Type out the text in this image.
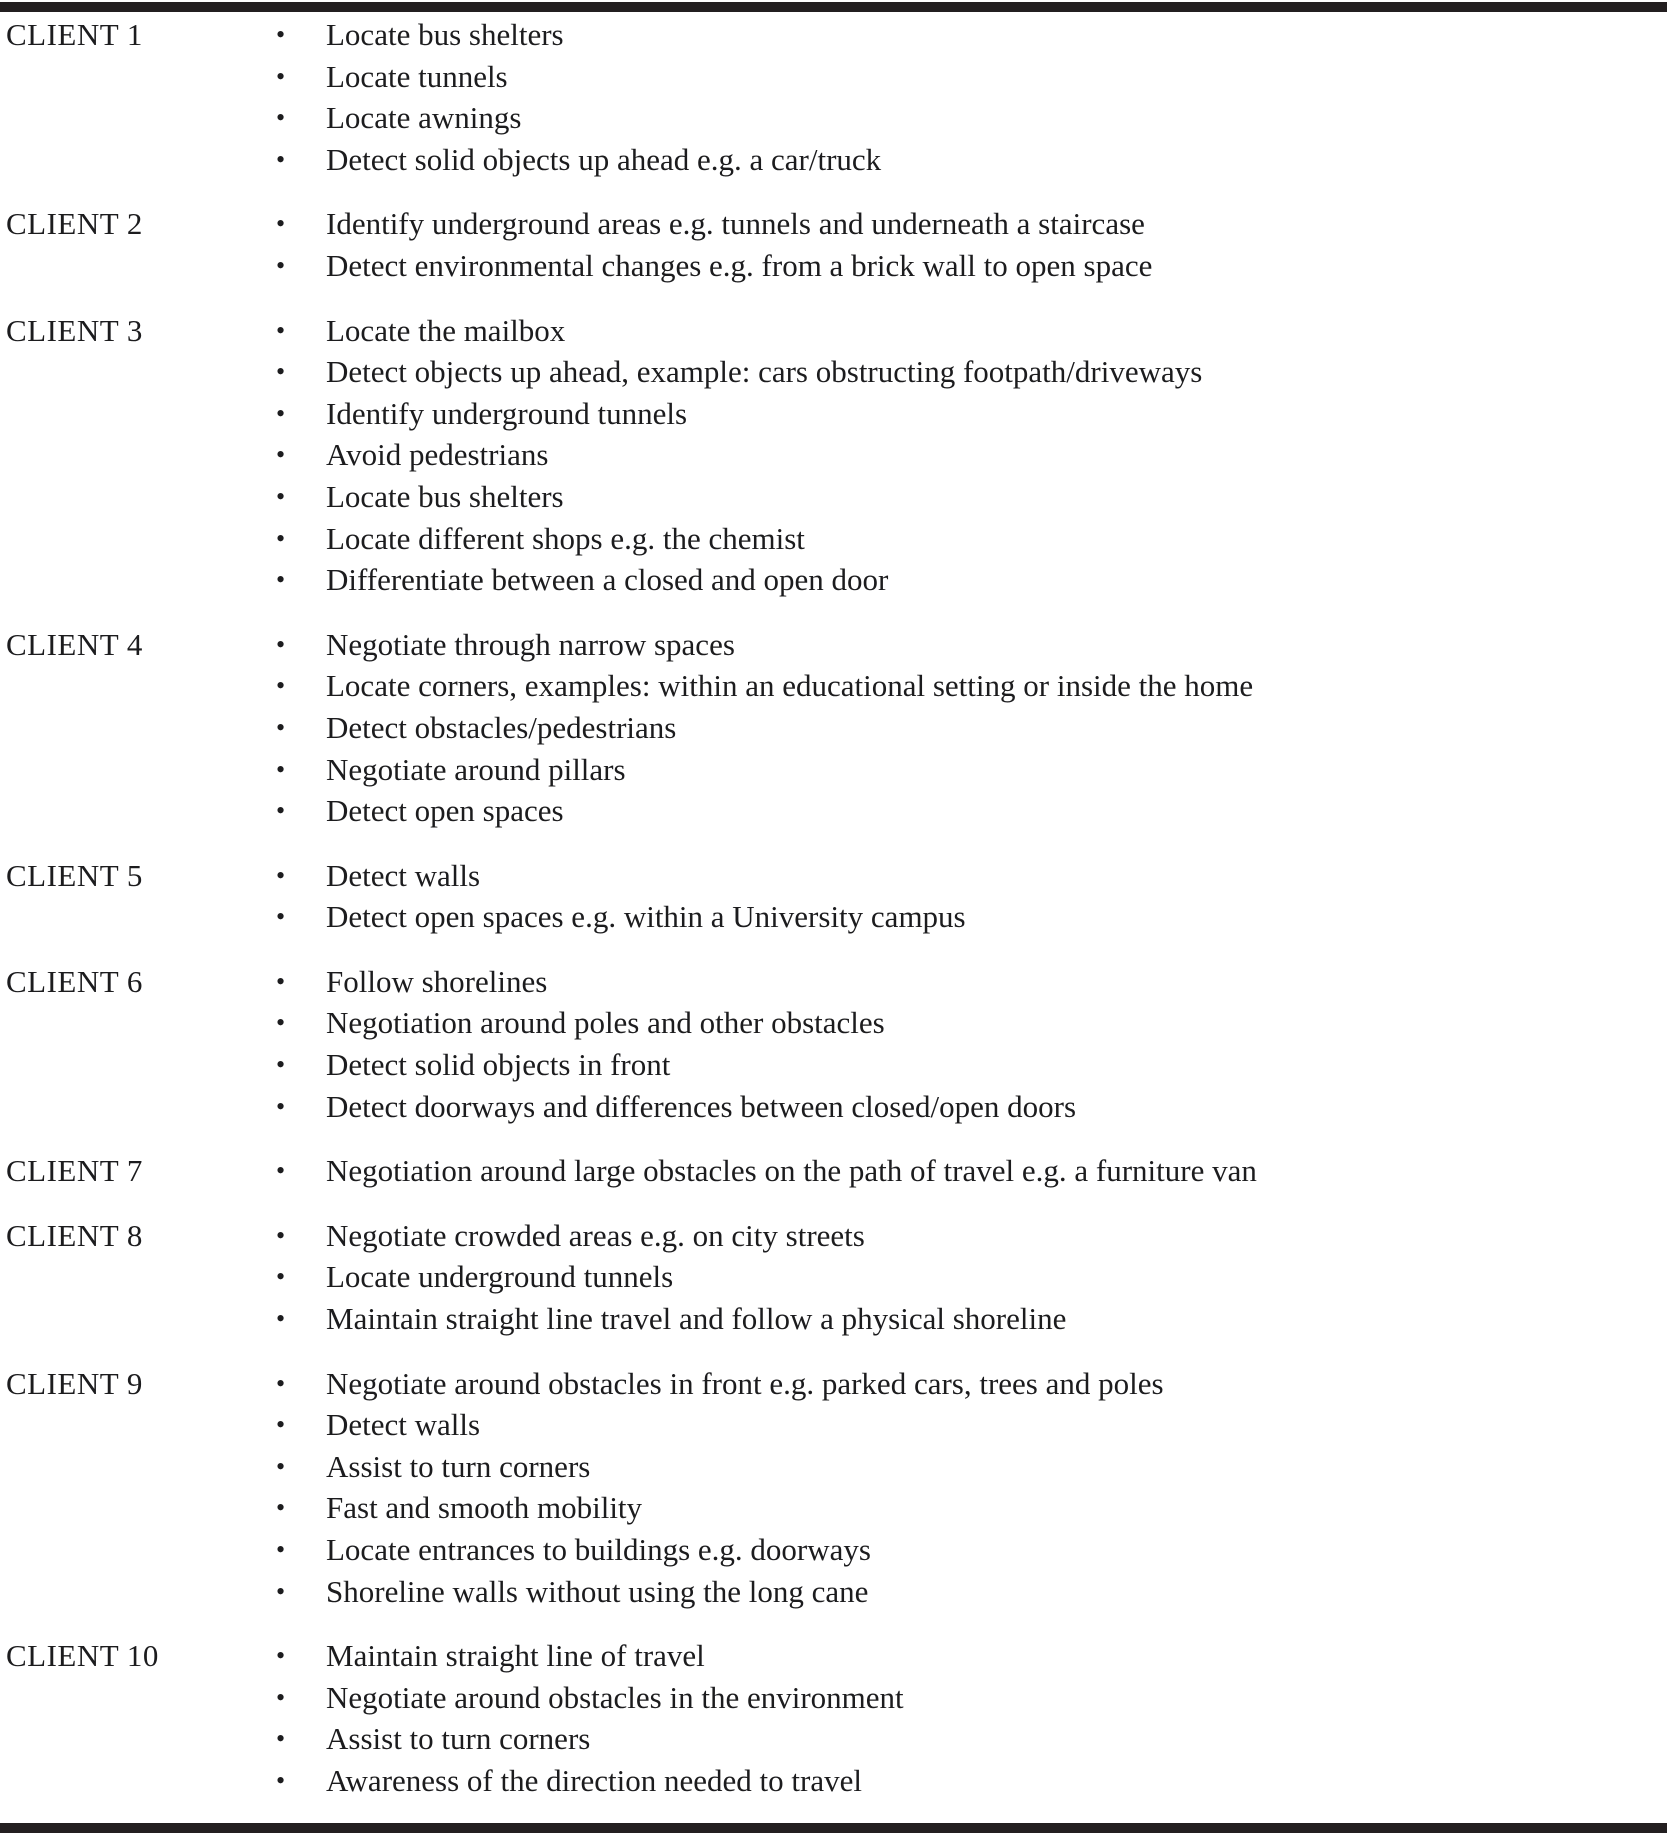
CLIENT 1	•	Locate bus shelters
•	Locate tunnels
•	Locate awnings
•	Detect solid objects up ahead e.g. a car/truck
CLIENT 2	•	Identify underground areas e.g. tunnels and underneath a staircase
•	Detect environmental changes e.g. from a brick wall to open space
CLIENT 3	•	Locate the mailbox
•	Detect objects up ahead, example: cars obstructing footpath/driveways
•	Identify underground tunnels
•	Avoid pedestrians
•	Locate bus shelters
•	Locate different shops e.g. the chemist
•	Differentiate between a closed and open door
CLIENT 4	•	Negotiate through narrow spaces
•	Locate corners, examples: within an educational setting or inside the home
•	Detect obstacles/pedestrians
•	Negotiate around pillars
•	Detect open spaces
CLIENT 5	•	Detect walls
•	Detect open spaces e.g. within a University campus
CLIENT 6	•	Follow shorelines
•	Negotiation around poles and other obstacles
•	Detect solid objects in front
•	Detect doorways and differences between closed/open doors
CLIENT 7	•	Negotiation around large obstacles on the path of travel e.g. a furniture van
CLIENT 8	•	Negotiate crowded areas e.g. on city streets
•	Locate underground tunnels
•	Maintain straight line travel and follow a physical shoreline
CLIENT 9	•	Negotiate around obstacles in front e.g. parked cars, trees and poles
•	Detect walls
•	Assist to turn corners
•	Fast and smooth mobility
•	Locate entrances to buildings e.g. doorways
•	Shoreline walls without using the long cane
CLIENT 10	•	Maintain straight line of travel
•	Negotiate around obstacles in the environment
•	Assist to turn corners
•	Awareness of the direction needed to travel
